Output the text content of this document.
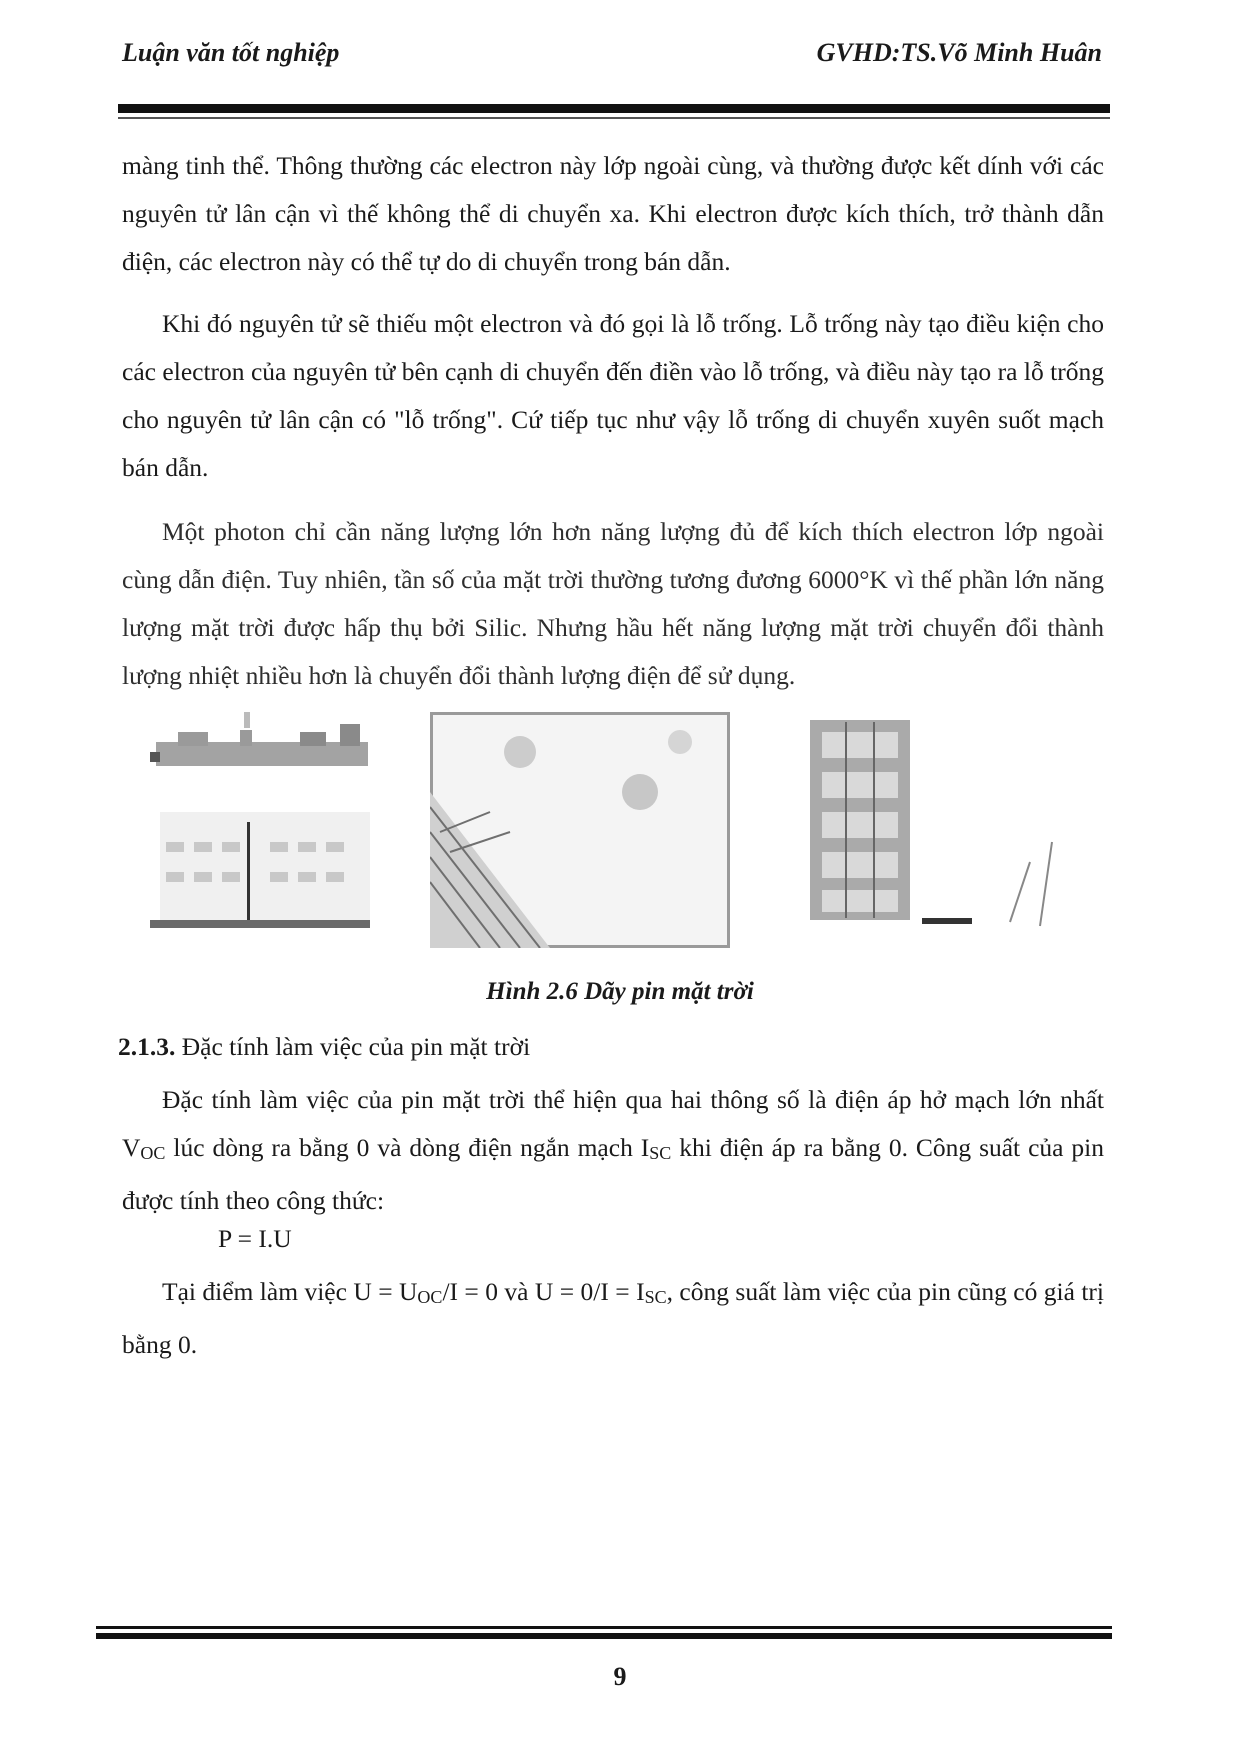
Luận văn tốt nghiệp	GVHD:TS.Võ Minh Huân

màng tinh thể. Thông thường các electron này lớp ngoài cùng, và thường được kết dính với các nguyên tử lân cận vì thế không thể di chuyển xa. Khi electron được kích thích, trở thành dẫn điện, các electron này có thể tự do di chuyển trong bán dẫn.

Khi đó nguyên tử sẽ thiếu một electron và đó gọi là lỗ trống. Lỗ trống này tạo điều kiện cho các electron của nguyên tử bên cạnh di chuyển đến điền vào lỗ trống, và điều này tạo ra lỗ trống cho nguyên tử lân cận có "lỗ trống". Cứ tiếp tục như vậy lỗ trống di chuyển xuyên suốt mạch bán dẫn.

Một photon chỉ cần năng lượng lớn hơn năng lượng đủ để kích thích electron lớp ngoài cùng dẫn điện. Tuy nhiên, tần số của mặt trời thường tương đương 6000°K vì thế phần lớn năng lượng mặt trời được hấp thụ bởi Silic. Nhưng hầu hết năng lượng mặt trời chuyển đổi thành lượng nhiệt nhiều hơn là chuyển đổi thành lượng điện để sử dụng.

Hình 2.6 Dãy pin mặt trời
2.1.3. Đặc tính làm việc của pin mặt trời

Đặc tính làm việc của pin mặt trời thể hiện qua hai thông số là điện áp hở mạch lớn nhất $V_{OC}$ lúc dòng ra bằng 0 và dòng điện ngắn mạch $I_{SC}$ khi điện áp ra bằng 0. Công suất của pin được tính theo công thức:

P = I.U

Tại điểm làm việc $U = U_{OC}/I = 0$ và $U = 0/I = I_{SC}$, công suất làm việc của pin cũng có giá trị bằng 0.

9
